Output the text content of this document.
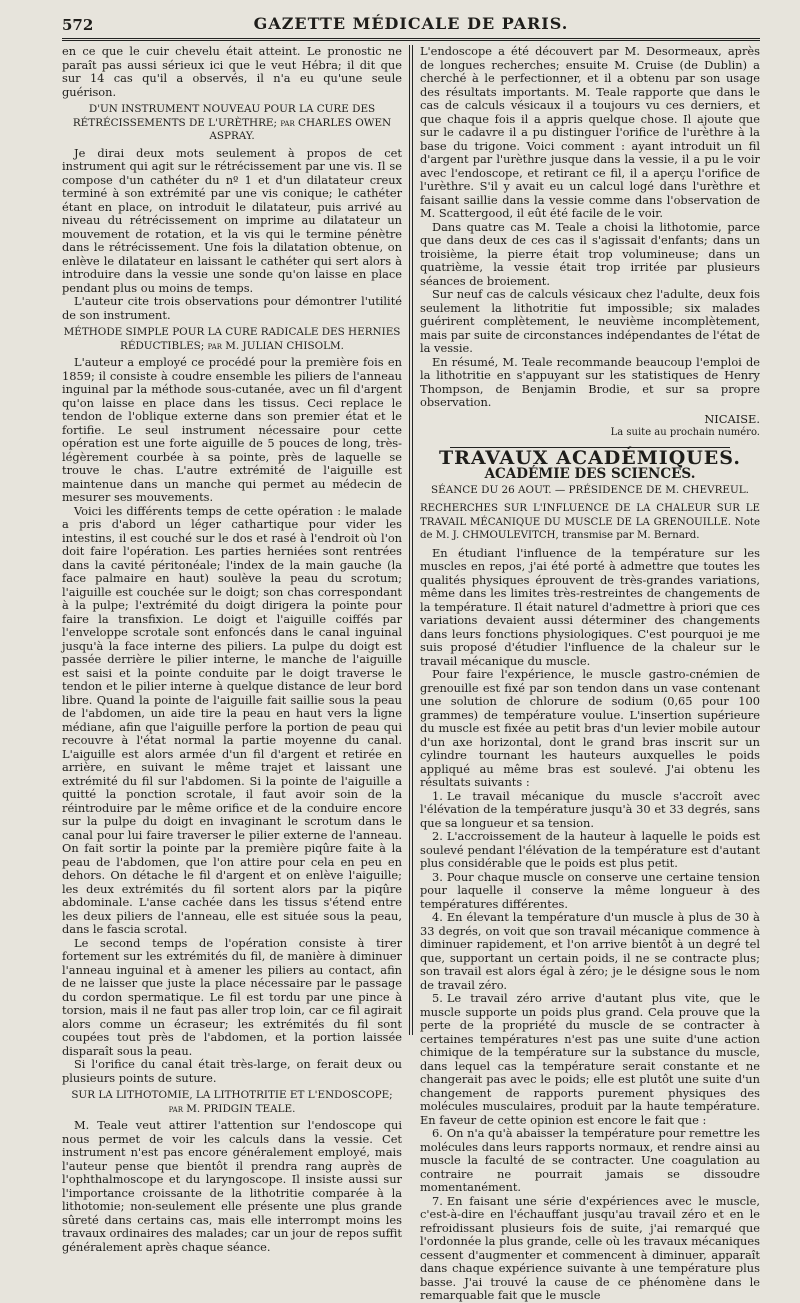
572	GAZETTE MÉDICALE DE PARIS.

en ce que le cuir chevelu était atteint. Le pronostic ne paraît pas aussi sérieux ici que le veut Hébra; il dit que sur 14 cas qu'il a observés, il n'a eu qu'une seule guérison.

D'UN INSTRUMENT NOUVEAU POUR LA CURE DES RÉTRÉCISSEMENTS DE L'URÈTHRE; par CHARLES OWEN ASPRAY.

Je dirai deux mots seulement à propos de cet instrument qui agit sur le rétrécissement par une vis. Il se compose d'un cathéter du nº 1 et d'un dilatateur creux terminé à son extrémité par une vis conique; le cathéter étant en place, on introduit le dilatateur, puis arrivé au niveau du rétrécissement on imprime au dilatateur un mouvement de rotation, et la vis qui le termine pénètre dans le rétrécissement. Une fois la dilatation obtenue, on enlève le dilatateur en laissant le cathéter qui sert alors à introduire dans la vessie une sonde qu'on laisse en place pendant plus ou moins de temps.

L'auteur cite trois observations pour démontrer l'utilité de son instrument.

MÉTHODE SIMPLE POUR LA CURE RADICALE DES HERNIES RÉDUCTIBLES; par M. JULIAN CHISOLM.

L'auteur a employé ce procédé pour la première fois en 1859; il consiste à coudre ensemble les piliers de l'anneau inguinal par la méthode sous-cutanée, avec un fil d'argent qu'on laisse en place dans les tissus. Ceci replace le tendon de l'oblique externe dans son premier état et le fortifie. Le seul instrument nécessaire pour cette opération est une forte aiguille de 5 pouces de long, très-légèrement courbée à sa pointe, près de laquelle se trouve le chas. L'autre extrémité de l'aiguille est maintenue dans un manche qui permet au médecin de mesurer ses mouvements.

Voici les différents temps de cette opération : le malade a pris d'abord un léger cathartique pour vider les intestins, il est couché sur le dos et rasé à l'endroit où l'on doit faire l'opération. Les parties herniées sont rentrées dans la cavité péritonéale; l'index de la main gauche (la face palmaire en haut) soulève la peau du scrotum; l'aiguille est couchée sur le doigt; son chas correspondant à la pulpe; l'extrémité du doigt dirigera la pointe pour faire la transfixion. Le doigt et l'aiguille coiffés par l'enveloppe scrotale sont enfoncés dans le canal inguinal jusqu'à la face interne des piliers. La pulpe du doigt est passée derrière le pilier interne, le manche de l'aiguille est saisi et la pointe conduite par le doigt traverse le tendon et le pilier interne à quelque distance de leur bord libre. Quand la pointe de l'aiguille fait saillie sous la peau de l'abdomen, un aide tire la peau en haut vers la ligne médiane, afin que l'aiguille perfore la portion de peau qui recouvre à l'état normal la partie moyenne du canal. L'aiguille est alors armée d'un fil d'argent et retirée en arrière, en suivant le même trajet et laissant une extrémité du fil sur l'abdomen. Si la pointe de l'aiguille a quitté la ponction scrotale, il faut avoir soin de la réintroduire par le même orifice et de la conduire encore sur la pulpe du doigt en invaginant le scrotum dans le canal pour lui faire traverser le pilier externe de l'anneau. On fait sortir la pointe par la première piqûre faite à la peau de l'abdomen, que l'on attire pour cela en peu en dehors. On détache le fil d'argent et on enlève l'aiguille; les deux extrémités du fil sortent alors par la piqûre abdominale. L'anse cachée dans les tissus s'étend entre les deux piliers de l'anneau, elle est située sous la peau, dans le fascia scrotal.

Le second temps de l'opération consiste à tirer fortement sur les extrémités du fil, de manière à diminuer l'anneau inguinal et à amener les piliers au contact, afin de ne laisser que juste la place nécessaire par le passage du cordon spermatique. Le fil est tordu par une pince à torsion, mais il ne faut pas aller trop loin, car ce fil agirait alors comme un écraseur; les extrémités du fil sont coupées tout près de l'abdomen, et la portion laissée disparaît sous la peau.

Si l'orifice du canal était très-large, on ferait deux ou plusieurs points de suture.

SUR LA LITHOTOMIE, LA LITHOTRITIE ET L'ENDOSCOPE;
par M. PRIDGIN TEALE.

M. Teale veut attirer l'attention sur l'endoscope qui nous permet de voir les calculs dans la vessie. Cet instrument n'est pas encore généralement employé, mais l'auteur pense que bientôt il prendra rang auprès de l'ophthalmoscope et du laryngoscope. Il insiste aussi sur l'importance croissante de la lithotritie comparée à la lithotomie; non-seulement elle présente une plus grande sûreté dans certains cas, mais elle interrompt moins les travaux ordinaires des malades; car un jour de repos suffit généralement après chaque séance.

L'endoscope a été découvert par M. Desormeaux, après de longues recherches; ensuite M. Cruise (de Dublin) a cherché à le perfectionner, et il a obtenu par son usage des résultats importants. M. Teale rapporte que dans le cas de calculs vésicaux il a toujours vu ces derniers, et que chaque fois il a appris quelque chose. Il ajoute que sur le cadavre il a pu distinguer l'orifice de l'urèthre à la base du trigone. Voici comment : ayant introduit un fil d'argent par l'urèthre jusque dans la vessie, il a pu le voir avec l'endoscope, et retirant ce fil, il a aperçu l'orifice de l'urèthre. S'il y avait eu un calcul logé dans l'urèthre et faisant saillie dans la vessie comme dans l'observation de M. Scattergood, il eût été facile de le voir.

Dans quatre cas M. Teale a choisi la lithotomie, parce que dans deux de ces cas il s'agissait d'enfants; dans un troisième, la pierre était trop volumineuse; dans un quatrième, la vessie était trop irritée par plusieurs séances de broiement.

Sur neuf cas de calculs vésicaux chez l'adulte, deux fois seulement la lithotritie fut impossible; six malades guérirent complètement, le neuvième incomplètement, mais par suite de circonstances indépendantes de l'état de la vessie.

En résumé, M. Teale recommande beaucoup l'emploi de la lithotritie en s'appuyant sur les statistiques de Henry Thompson, de Benjamin Brodie, et sur sa propre observation.

NICAISE.

La suite au prochain numéro.

TRAVAUX ACADÉMIQUES.
ACADÉMIE DES SCIENCES.
SÉANCE DU 26 AOUT. — PRÉSIDENCE DE M. CHEVREUL.

RECHERCHES SUR L'INFLUENCE DE LA CHALEUR SUR LE TRAVAIL MÉCANIQUE DU MUSCLE DE LA GRENOUILLE. Note de M. J. CHMOULEVITCH, transmise par M. Bernard.

En étudiant l'influence de la température sur les muscles en repos, j'ai été porté à admettre que toutes les qualités physiques éprouvent de très-grandes variations, même dans les limites très-restreintes de changements de la température. Il était naturel d'admettre à priori que ces variations devaient aussi déterminer des changements dans leurs fonctions physiologiques. C'est pourquoi je me suis proposé d'étudier l'influence de la chaleur sur le travail mécanique du muscle.

Pour faire l'expérience, le muscle gastro-cnémien de grenouille est fixé par son tendon dans un vase contenant une solution de chlorure de sodium (0,65 pour 100 grammes) de température voulue. L'insertion supérieure du muscle est fixée au petit bras d'un levier mobile autour d'un axe horizontal, dont le grand bras inscrit sur un cylindre tournant les hauteurs auxquelles le poids appliqué au même bras est soulevé. J'ai obtenu les résultats suivants :

1. Le travail mécanique du muscle s'accroît avec l'élévation de la température jusqu'à 30 et 33 degrés, sans que sa longueur et sa tension.
2. L'accroissement de la hauteur à laquelle le poids est soulevé pendant l'élévation de la température est d'autant plus considérable que le poids est plus petit.
3. Pour chaque muscle on conserve une certaine tension pour laquelle il conserve la même longueur à des températures différentes.
4. En élevant la température d'un muscle à plus de 30 à 33 degrés, on voit que son travail mécanique commence à diminuer rapidement, et l'on arrive bientôt à un degré tel que, supportant un certain poids, il ne se contracte plus; son travail est alors égal à zéro; je le désigne sous le nom de travail zéro.
5. Le travail zéro arrive d'autant plus vite, que le muscle supporte un poids plus grand. Cela prouve que la perte de la propriété du muscle de se contracter à certaines températures n'est pas une suite d'une action chimique de la température sur la substance du muscle, dans lequel cas la température serait constante et ne changerait pas avec le poids; elle est plutôt une suite d'un changement de rapports purement physiques des molécules musculaires, produit par la haute température. En faveur de cette opinion est encore le fait que :
6. On n'a qu'à abaisser la température pour remettre les molécules dans leurs rapports normaux, et rendre ainsi au muscle la faculté de se contracter. Une coagulation au contraire ne pourrait jamais se dissoudre momentanément.
7. En faisant une série d'expériences avec le muscle, c'est-à-dire en l'échauffant jusqu'au travail zéro et en le refroidissant plusieurs fois de suite, j'ai remarqué que l'ordonnée la plus grande, celle où les travaux mécaniques cessent d'augmenter et commencent à diminuer, apparaît dans chaque expérience suivante à une température plus basse. J'ai trouvé la cause de ce phénomène dans le remarquable fait que le muscle
